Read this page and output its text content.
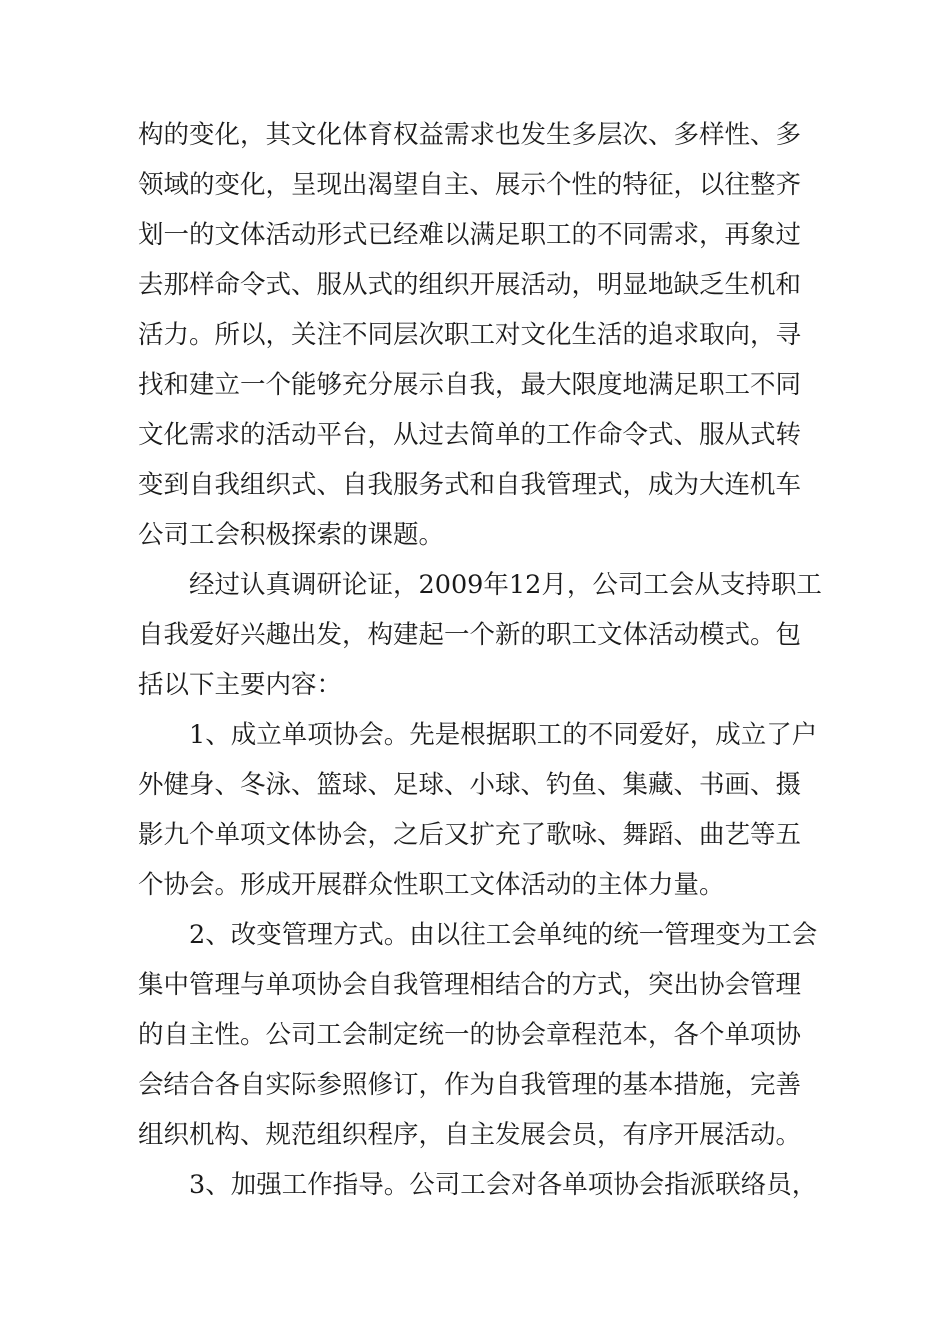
构的变化，其文化体育权益需求也发生多层次、多样性、多
领域的变化，呈现出渴望自主、展示个性的特征，以往整齐
划一的文体活动形式已经难以满足职工的不同需求，再象过
去那样命令式、服从式的组织开展活动，明显地缺乏生机和
活力。所以，关注不同层次职工对文化生活的追求取向，寻
找和建立一个能够充分展示自我，最大限度地满足职工不同
文化需求的活动平台，从过去简单的工作命令式、服从式转
变到自我组织式、自我服务式和自我管理式，成为大连机车
公司工会积极探索的课题。

　　经过认真调研论证，2009年12月，公司工会从支持职工
自我爱好兴趣出发，构建起一个新的职工文体活动模式。包
括以下主要内容：

　　1、成立单项协会。先是根据职工的不同爱好，成立了户
外健身、冬泳、篮球、足球、小球、钓鱼、集藏、书画、摄
影九个单项文体协会，之后又扩充了歌咏、舞蹈、曲艺等五
个协会。形成开展群众性职工文体活动的主体力量。

　　2、改变管理方式。由以往工会单纯的统一管理变为工会
集中管理与单项协会自我管理相结合的方式，突出协会管理
的自主性。公司工会制定统一的协会章程范本，各个单项协
会结合各自实际参照修订，作为自我管理的基本措施，完善
组织机构、规范组织程序，自主发展会员，有序开展活动。

　　3、加强工作指导。公司工会对各单项协会指派联络员，
